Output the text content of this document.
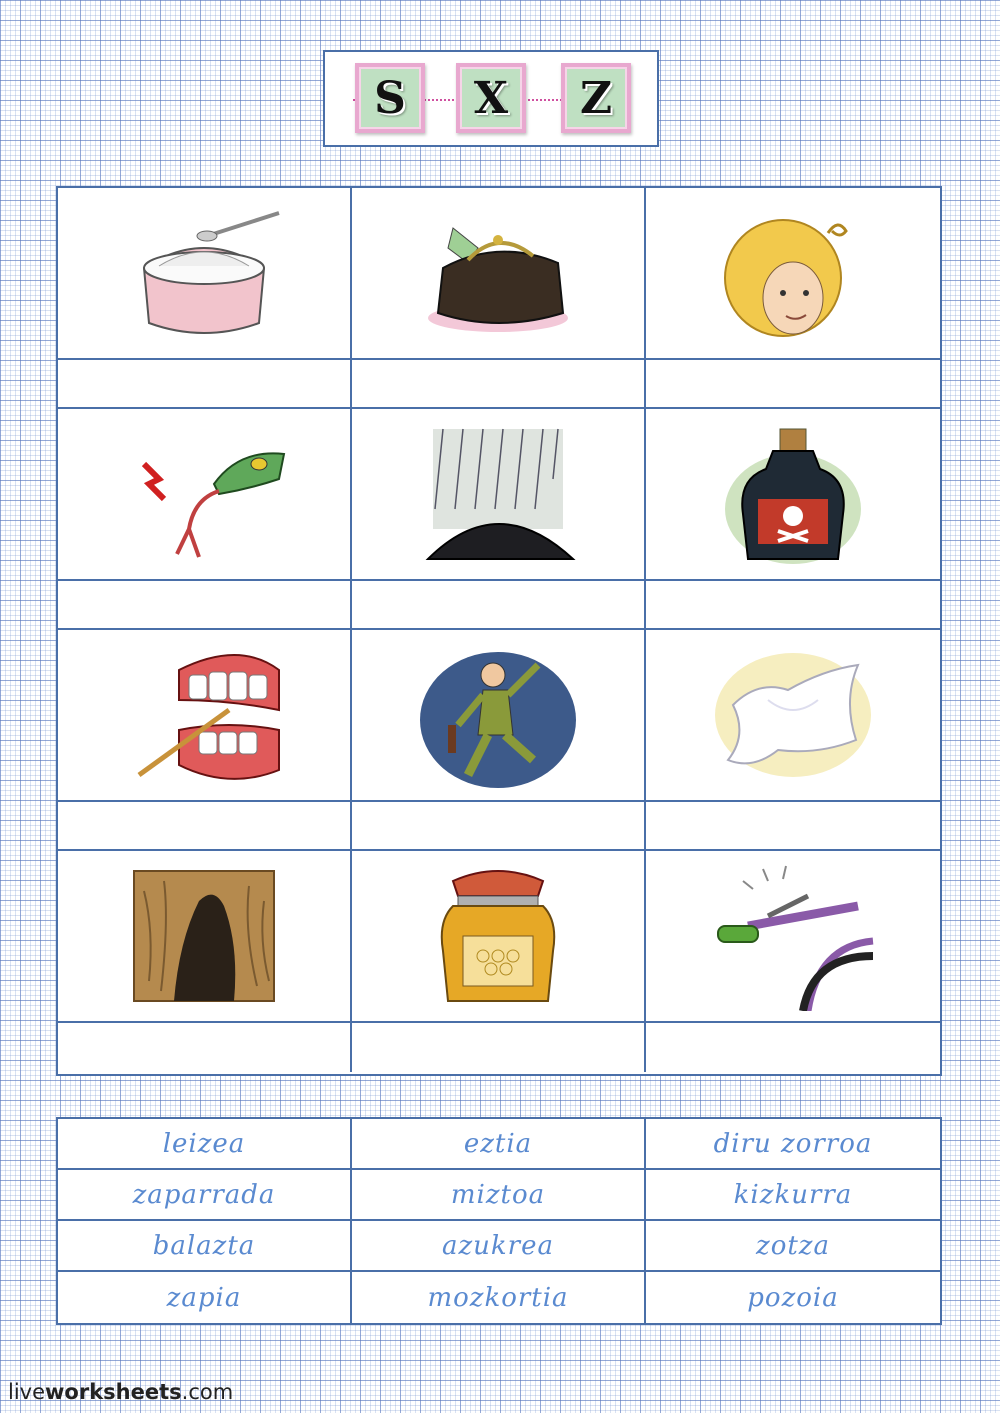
S X Z
leizea	eztia	diru zorroa
zaparrada	miztoa	kizkurra
balazta	azukrea	zotza
zapia	mozkortia	pozoia
liveworksheets.com
